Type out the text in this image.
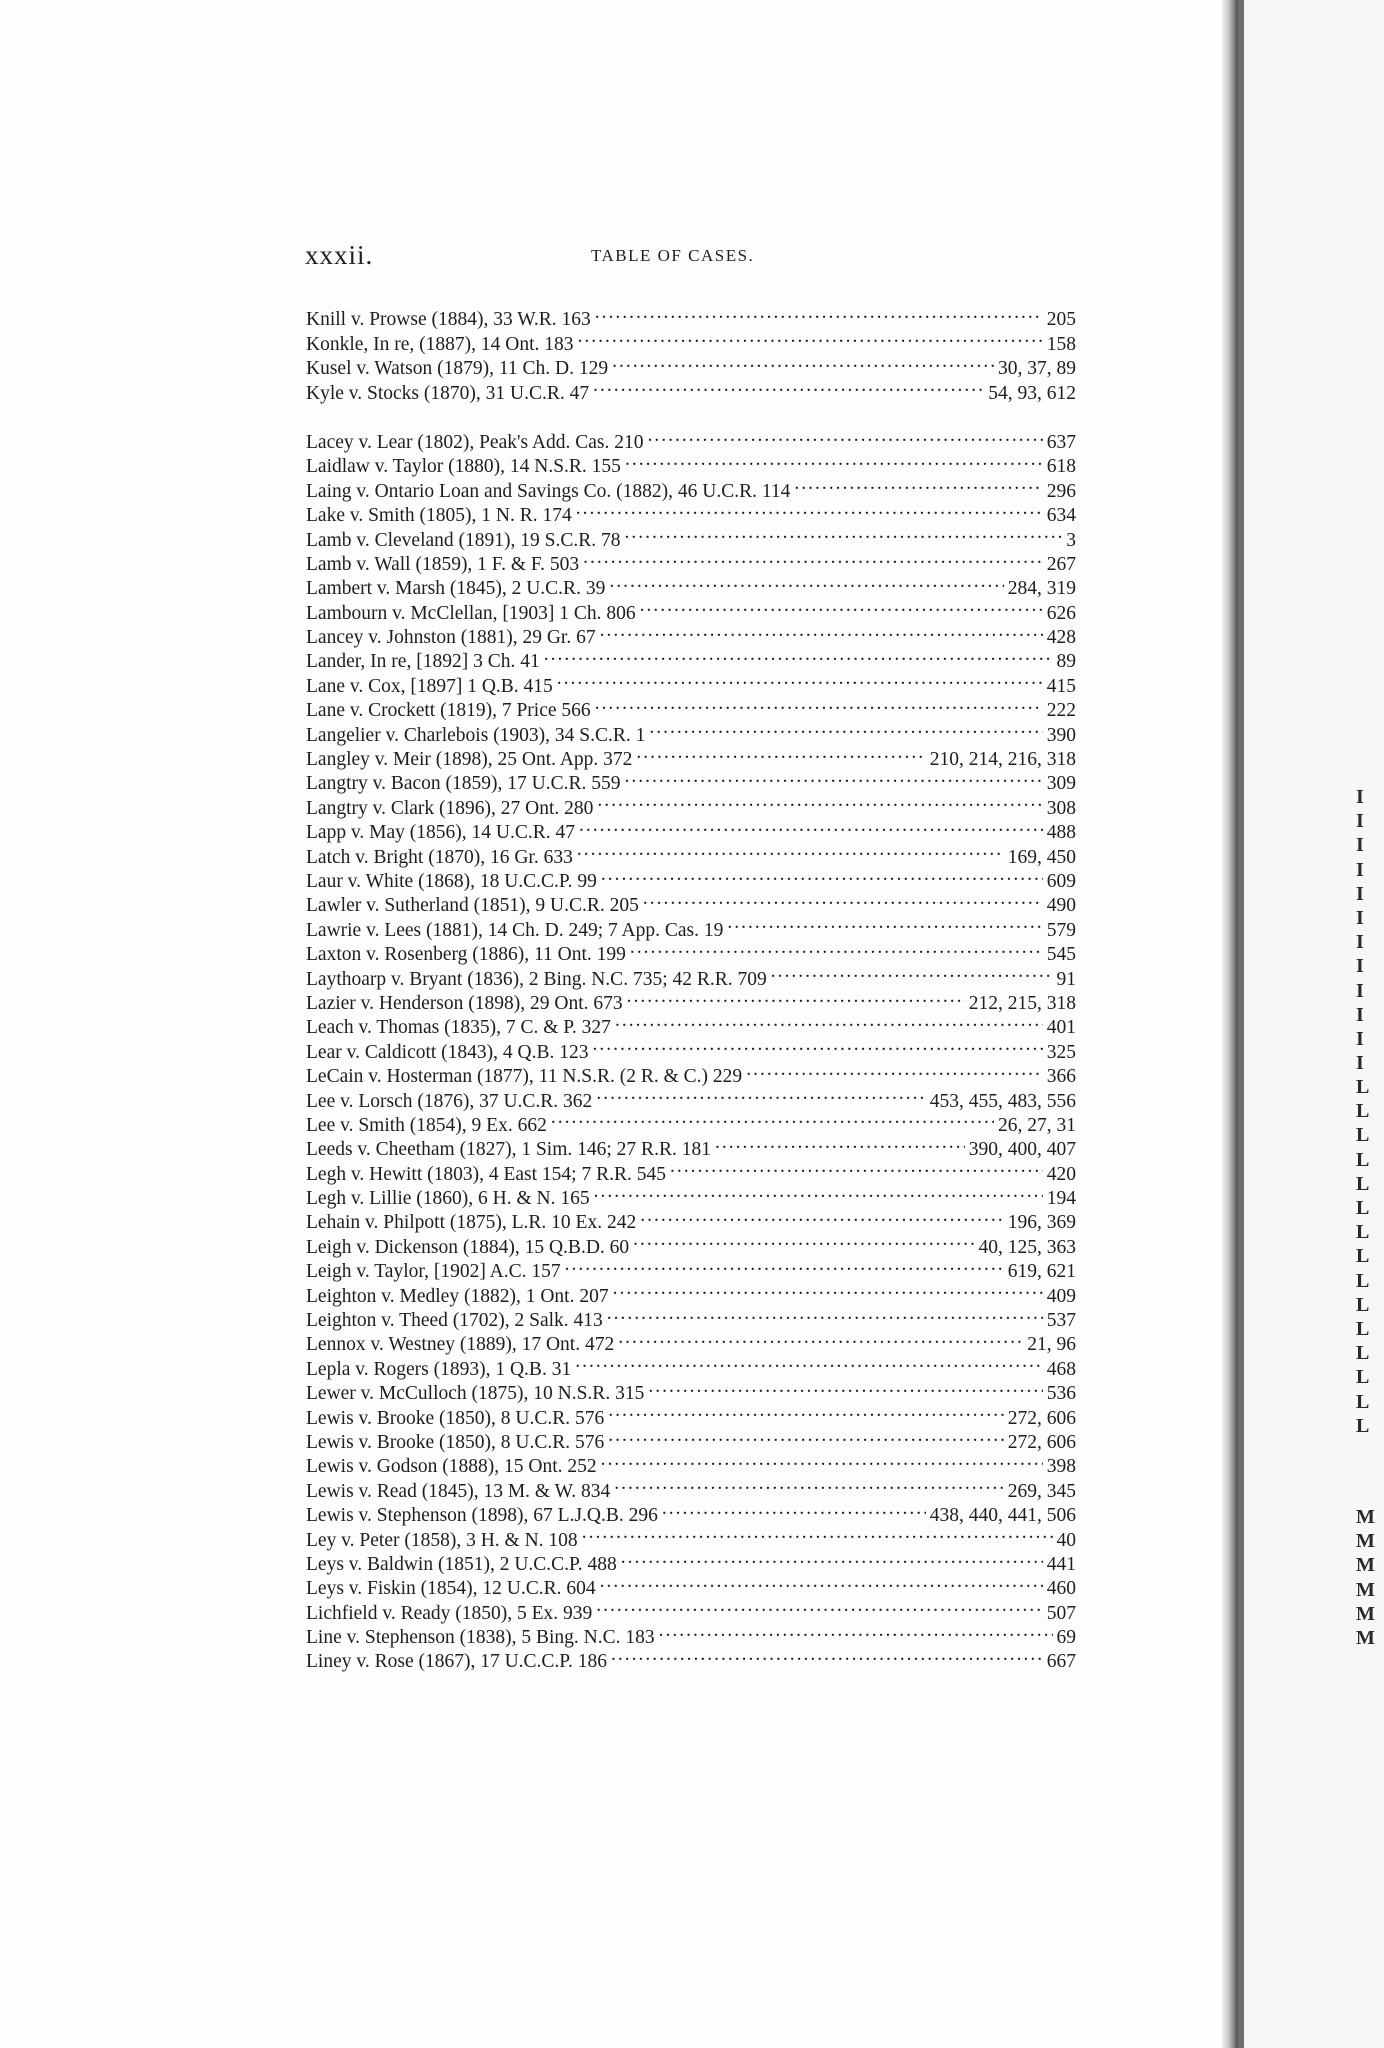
I
I
I
I
I
I
I
I
I
I
I
I
L
L
L
L
L
L
L
L
L
L
L
L
L
L
L
M
M
M
M
M
M
xxxii.	TABLE OF CASES.
Knill v. Prowse (1884), 33 W.R. 163 .....	205
Konkle, In re, (1887), 14 Ont. 183 .....	158
Kusel v. Watson (1879), 11 Ch. D. 129 .....	30, 37, 89
Kyle v. Stocks (1870), 31 U.C.R. 47 .....	54, 93, 612
Lacey v. Lear (1802), Peak's Add. Cas. 210 .....	637
Laidlaw v. Taylor (1880), 14 N.S.R. 155 .....	618
Laing v. Ontario Loan and Savings Co. (1882), 46 U.C.R. 114 .....	296
Lake v. Smith (1805), 1 N. R. 174 .....	634
Lamb v. Cleveland (1891), 19 S.C.R. 78 .....	3
Lamb v. Wall (1859), 1 F. & F. 503 .....	267
Lambert v. Marsh (1845), 2 U.C.R. 39 .....	284, 319
Lambourn v. McClellan, [1903] 1 Ch. 806 .....	626
Lancey v. Johnston (1881), 29 Gr. 67 .....	428
Lander, In re, [1892] 3 Ch. 41 .....	89
Lane v. Cox, [1897] 1 Q.B. 415 .....	415
Lane v. Crockett (1819), 7 Price 566 .....	222
Langelier v. Charlebois (1903), 34 S.C.R. 1 .....	390
Langley v. Meir (1898), 25 Ont. App. 372 .....	210, 214, 216, 318
Langtry v. Bacon (1859), 17 U.C.R. 559 .....	309
Langtry v. Clark (1896), 27 Ont. 280 .....	308
Lapp v. May (1856), 14 U.C.R. 47 .....	488
Latch v. Bright (1870), 16 Gr. 633 .....	169, 450
Laur v. White (1868), 18 U.C.C.P. 99 .....	609
Lawler v. Sutherland (1851), 9 U.C.R. 205 .....	490
Lawrie v. Lees (1881), 14 Ch. D. 249; 7 App. Cas. 19 .....	579
Laxton v. Rosenberg (1886), 11 Ont. 199 .....	545
Laythoarp v. Bryant (1836), 2 Bing. N.C. 735; 42 R.R. 709 .....	91
Lazier v. Henderson (1898), 29 Ont. 673 .....	212, 215, 318
Leach v. Thomas (1835), 7 C. & P. 327 .....	401
Lear v. Caldicott (1843), 4 Q.B. 123 .....	325
LeCain v. Hosterman (1877), 11 N.S.R. (2 R. & C.) 229 .....	366
Lee v. Lorsch (1876), 37 U.C.R. 362 .....	453, 455, 483, 556
Lee v. Smith (1854), 9 Ex. 662 .....	26, 27, 31
Leeds v. Cheetham (1827), 1 Sim. 146; 27 R.R. 181 .....	390, 400, 407
Legh v. Hewitt (1803), 4 East 154; 7 R.R. 545 .....	420
Legh v. Lillie (1860), 6 H. & N. 165 .....	194
Lehain v. Philpott (1875), L.R. 10 Ex. 242 .....	196, 369
Leigh v. Dickenson (1884), 15 Q.B.D. 60 .....	40, 125, 363
Leigh v. Taylor, [1902] A.C. 157 .....	619, 621
Leighton v. Medley (1882), 1 Ont. 207 .....	409
Leighton v. Theed (1702), 2 Salk. 413 .....	537
Lennox v. Westney (1889), 17 Ont. 472 .....	21, 96
Lepla v. Rogers (1893), 1 Q.B. 31 .....	468
Lewer v. McCulloch (1875), 10 N.S.R. 315 .....	536
Lewis v. Brooke (1850), 8 U.C.R. 576 .....	272, 606
Lewis v. Brooke (1850), 8 U.C.R. 576 .....	272, 606
Lewis v. Godson (1888), 15 Ont. 252 .....	398
Lewis v. Read (1845), 13 M. & W. 834 .....	269, 345
Lewis v. Stephenson (1898), 67 L.J.Q.B. 296 .....	438, 440, 441, 506
Ley v. Peter (1858), 3 H. & N. 108 .....	40
Leys v. Baldwin (1851), 2 U.C.C.P. 488 .....	441
Leys v. Fiskin (1854), 12 U.C.R. 604 .....	460
Lichfield v. Ready (1850), 5 Ex. 939 .....	507
Line v. Stephenson (1838), 5 Bing. N.C. 183 .....	69
Liney v. Rose (1867), 17 U.C.C.P. 186 .....	667
